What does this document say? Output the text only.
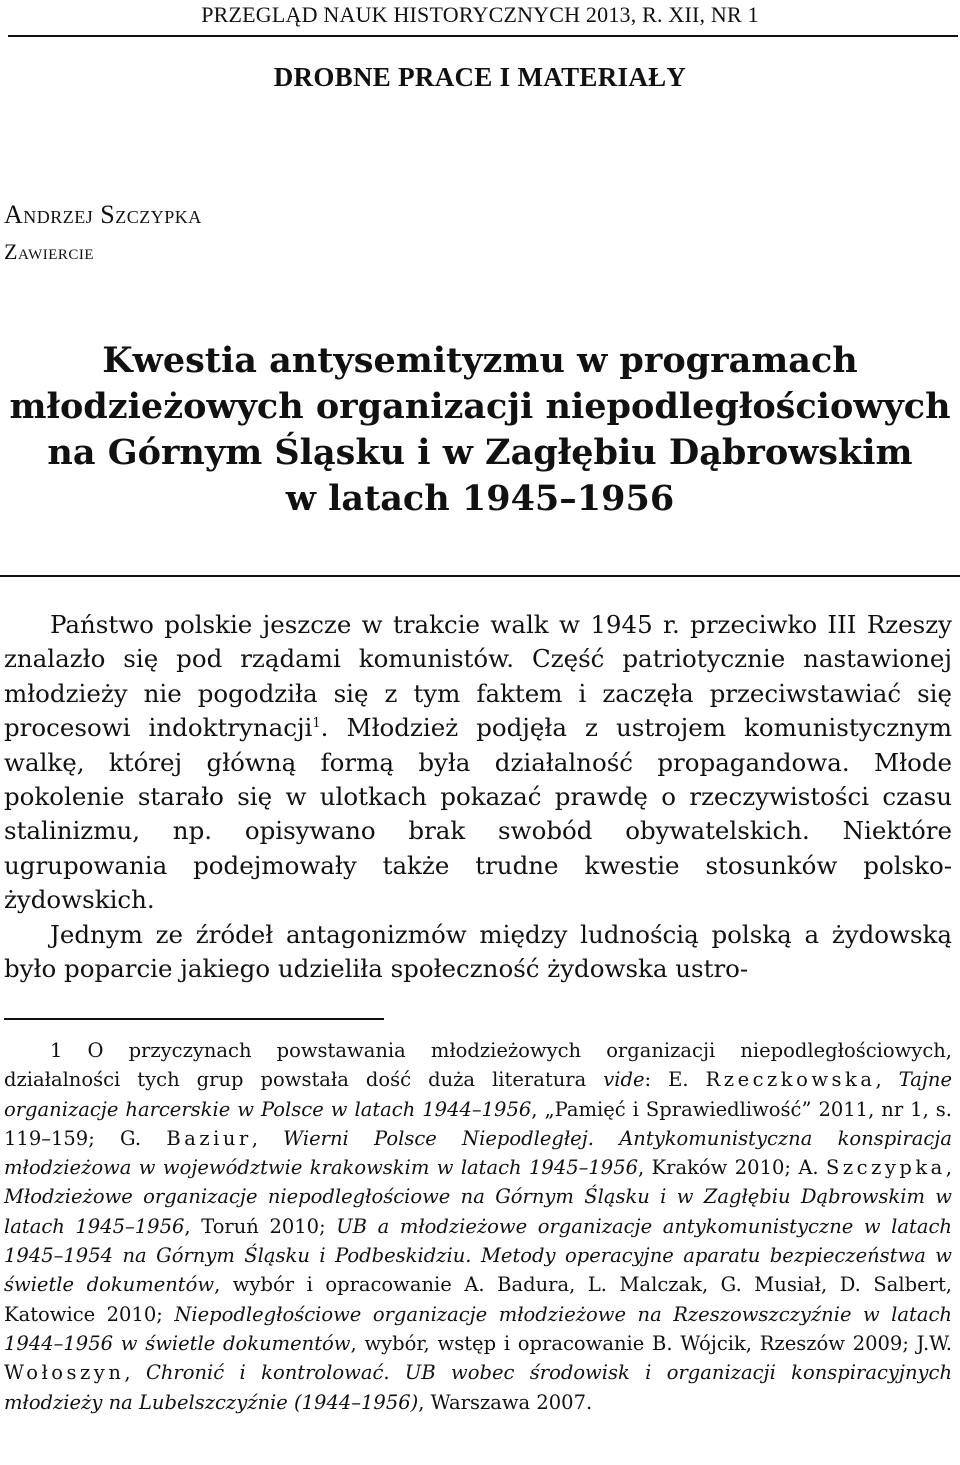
PRZEGLĄD NAUK HISTORYCZNYCH 2013, R. XII, NR 1
DROBNE PRACE I MATERIAŁY
Andrzej Szczypka
Zawiercie
Kwestia antysemityzmu w programach
młodzieżowych organizacji niepodległościowych
na Górnym Śląsku i w Zagłębiu Dąbrowskim
w latach 1945–1956

Państwo polskie jeszcze w trakcie walk w 1945 r. przeciwko III Rzeszy znalazło się pod rządami komunistów. Część patriotycznie nastawionej młodzieży nie pogodziła się z tym faktem i zaczęła przeciwstawiać się procesowi indoktrynacji$^1$. Młodzież podjęła z ustrojem komunistycznym walkę, której główną formą była działalność propagandowa. Młode pokolenie starało się w ulotkach pokazać prawdę o rzeczywistości czasu stalinizmu, np. opisywano brak swobód obywatelskich. Niektóre ugrupowania podejmowały także trudne kwestie stosunków polsko-żydowskich.

Jednym ze źródeł antagonizmów między ludnością polską a żydowską było poparcie jakiego udzieliła społeczność żydowska ustro-

1 O przyczynach powstawania młodzieżowych organizacji niepodległościowych, działalności tych grup powstała dość duża literatura vide: E. Rzeczkowska, Tajne organizacje harcerskie w Polsce w latach 1944–1956, „Pamięć i Sprawiedliwość” 2011, nr 1, s. 119–159; G. Baziur, Wierni Polsce Niepodległej. Antykomunistyczna konspiracja młodzieżowa w województwie krakowskim w latach 1945–1956, Kraków 2010; A. Szczypka, Młodzieżowe organizacje niepodległościowe na Górnym Śląsku i w Zagłębiu Dąbrowskim w latach 1945–1956, Toruń 2010; UB a młodzieżowe organizacje antykomunistyczne w latach 1945–1954 na Górnym Śląsku i Podbeskidziu. Metody operacyjne aparatu bezpieczeństwa w świetle dokumentów, wybór i opracowanie A. Badura, L. Malczak, G. Musiał, D. Salbert, Katowice 2010; Niepodległościowe organizacje młodzieżowe na Rzeszowszczyźnie w latach 1944–1956 w świetle dokumentów, wybór, wstęp i opracowanie B. Wójcik, Rzeszów 2009; J.W. Wołoszyn, Chronić i kontrolować. UB wobec środowisk i organizacji konspiracyjnych młodzieży na Lubelszczyźnie (1944–1956), Warszawa 2007.
